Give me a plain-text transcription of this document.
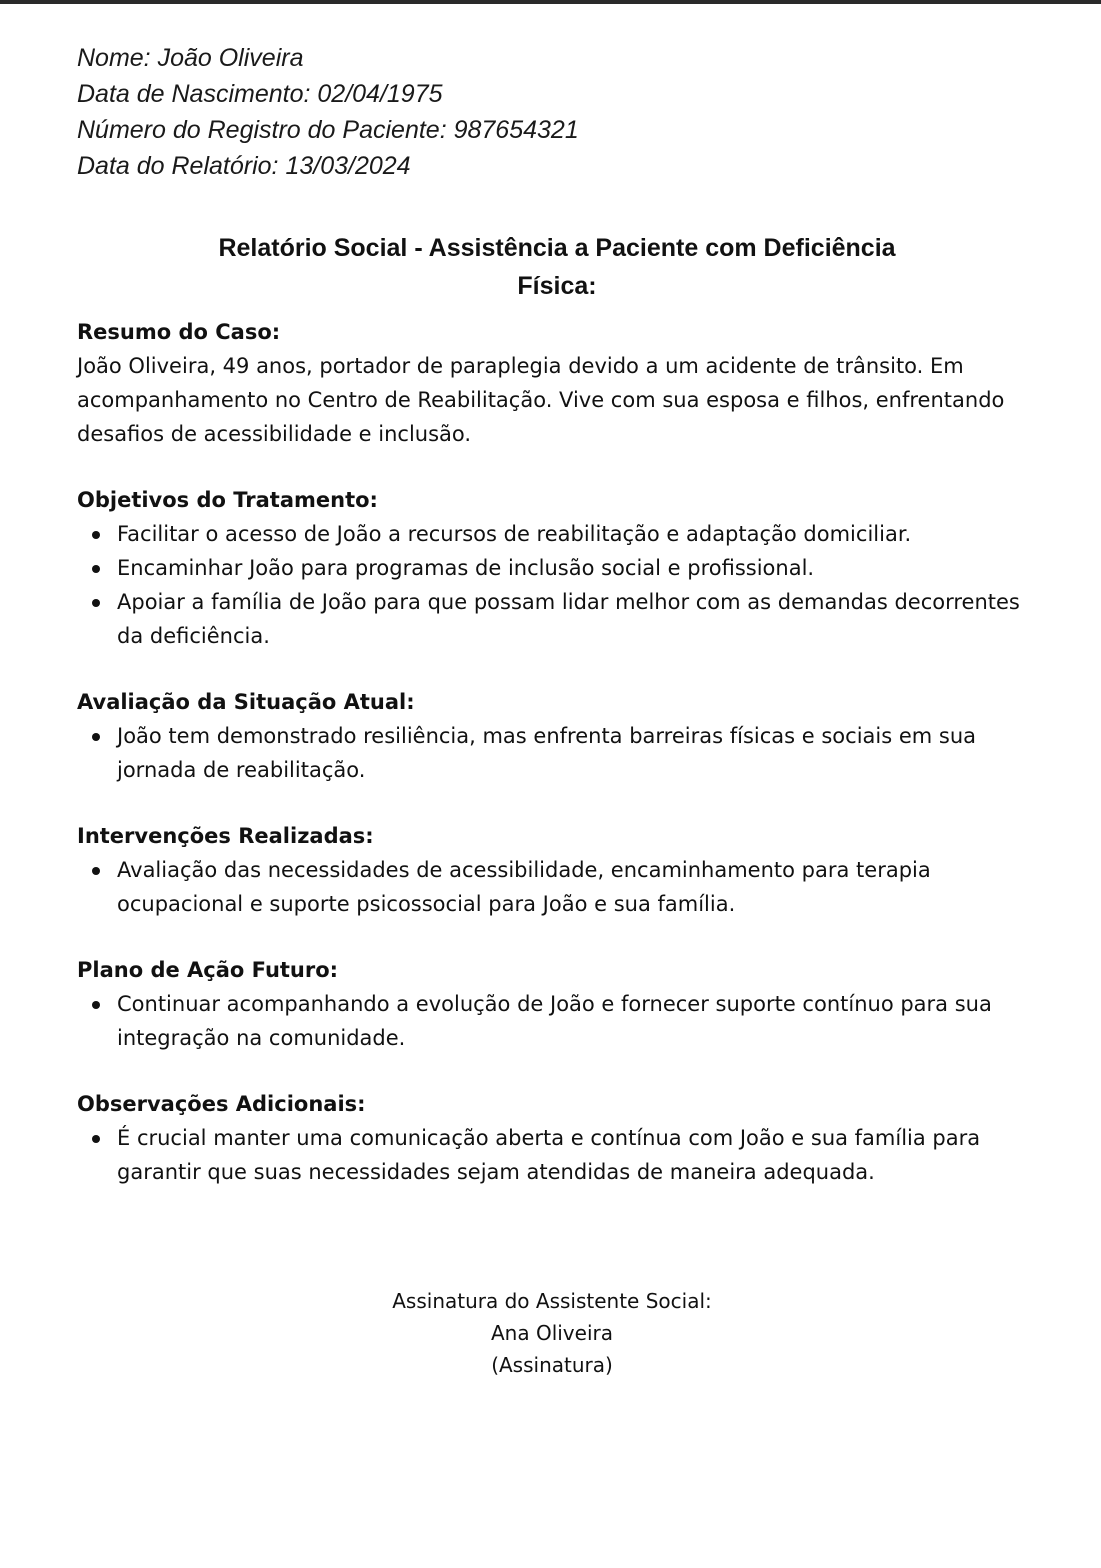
Nome: João Oliveira
Data de Nascimento: 02/04/1975
Número do Registro do Paciente: 987654321
Data do Relatório: 13/03/2024
Relatório Social - Assistência a Paciente com Deficiência
Física:
Resumo do Caso:

João Oliveira, 49 anos, portador de paraplegia devido a um acidente de trânsito. Em acompanhamento no Centro de Reabilitação. Vive com sua esposa e filhos, enfrentando desafios de acessibilidade e inclusão.

Objetivos do Tratamento:
Facilitar o acesso de João a recursos de reabilitação e adaptação domiciliar.
Encaminhar João para programas de inclusão social e profissional.
Apoiar a família de João para que possam lidar melhor com as demandas decorrentes da deficiência.
Avaliação da Situação Atual:
João tem demonstrado resiliência, mas enfrenta barreiras físicas e sociais em sua jornada de reabilitação.
Intervenções Realizadas:
Avaliação das necessidades de acessibilidade, encaminhamento para terapia ocupacional e suporte psicossocial para João e sua família.
Plano de Ação Futuro:
Continuar acompanhando a evolução de João e fornecer suporte contínuo para sua integração na comunidade.
Observações Adicionais:
É crucial manter uma comunicação aberta e contínua com João e sua família para garantir que suas necessidades sejam atendidas de maneira adequada.
Assinatura do Assistente Social:
Ana Oliveira
(Assinatura)
